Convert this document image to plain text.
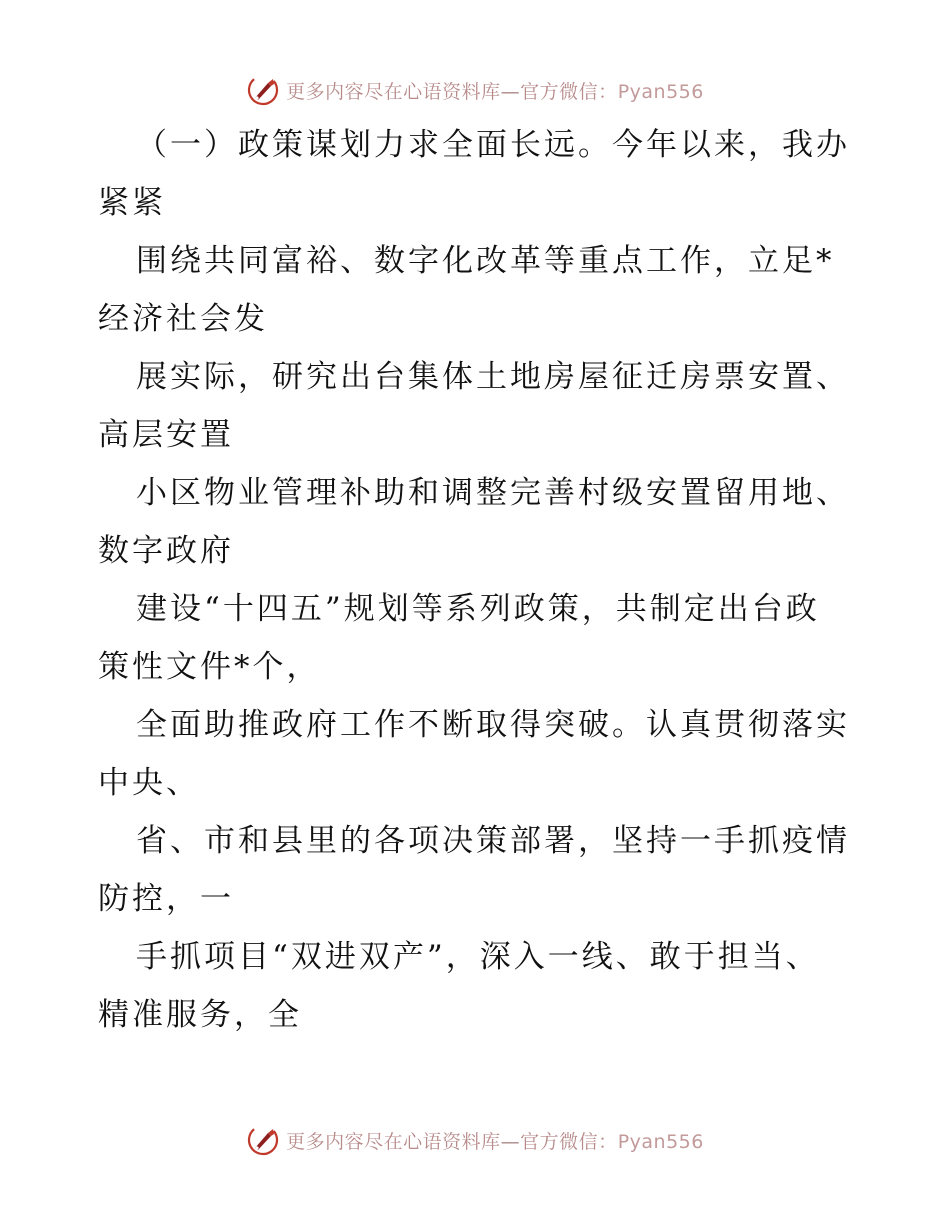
更多内容尽在心语资料库—官方微信：Pyan556
（一）政策谋划力求全面长远。今年以来，我办
紧紧
围绕共同富裕、数字化改革等重点工作，立足*
经济社会发
展实际，研究出台集体土地房屋征迁房票安置、
高层安置
小区物业管理补助和调整完善村级安置留用地、
数字政府
建设“十四五”规划等系列政策，共制定出台政
策性文件*个，
全面助推政府工作不断取得突破。认真贯彻落实
中央、
省、市和县里的各项决策部署，坚持一手抓疫情
防控，一
手抓项目“双进双产”，深入一线、敢于担当、
精准服务，全
更多内容尽在心语资料库—官方微信：Pyan556
